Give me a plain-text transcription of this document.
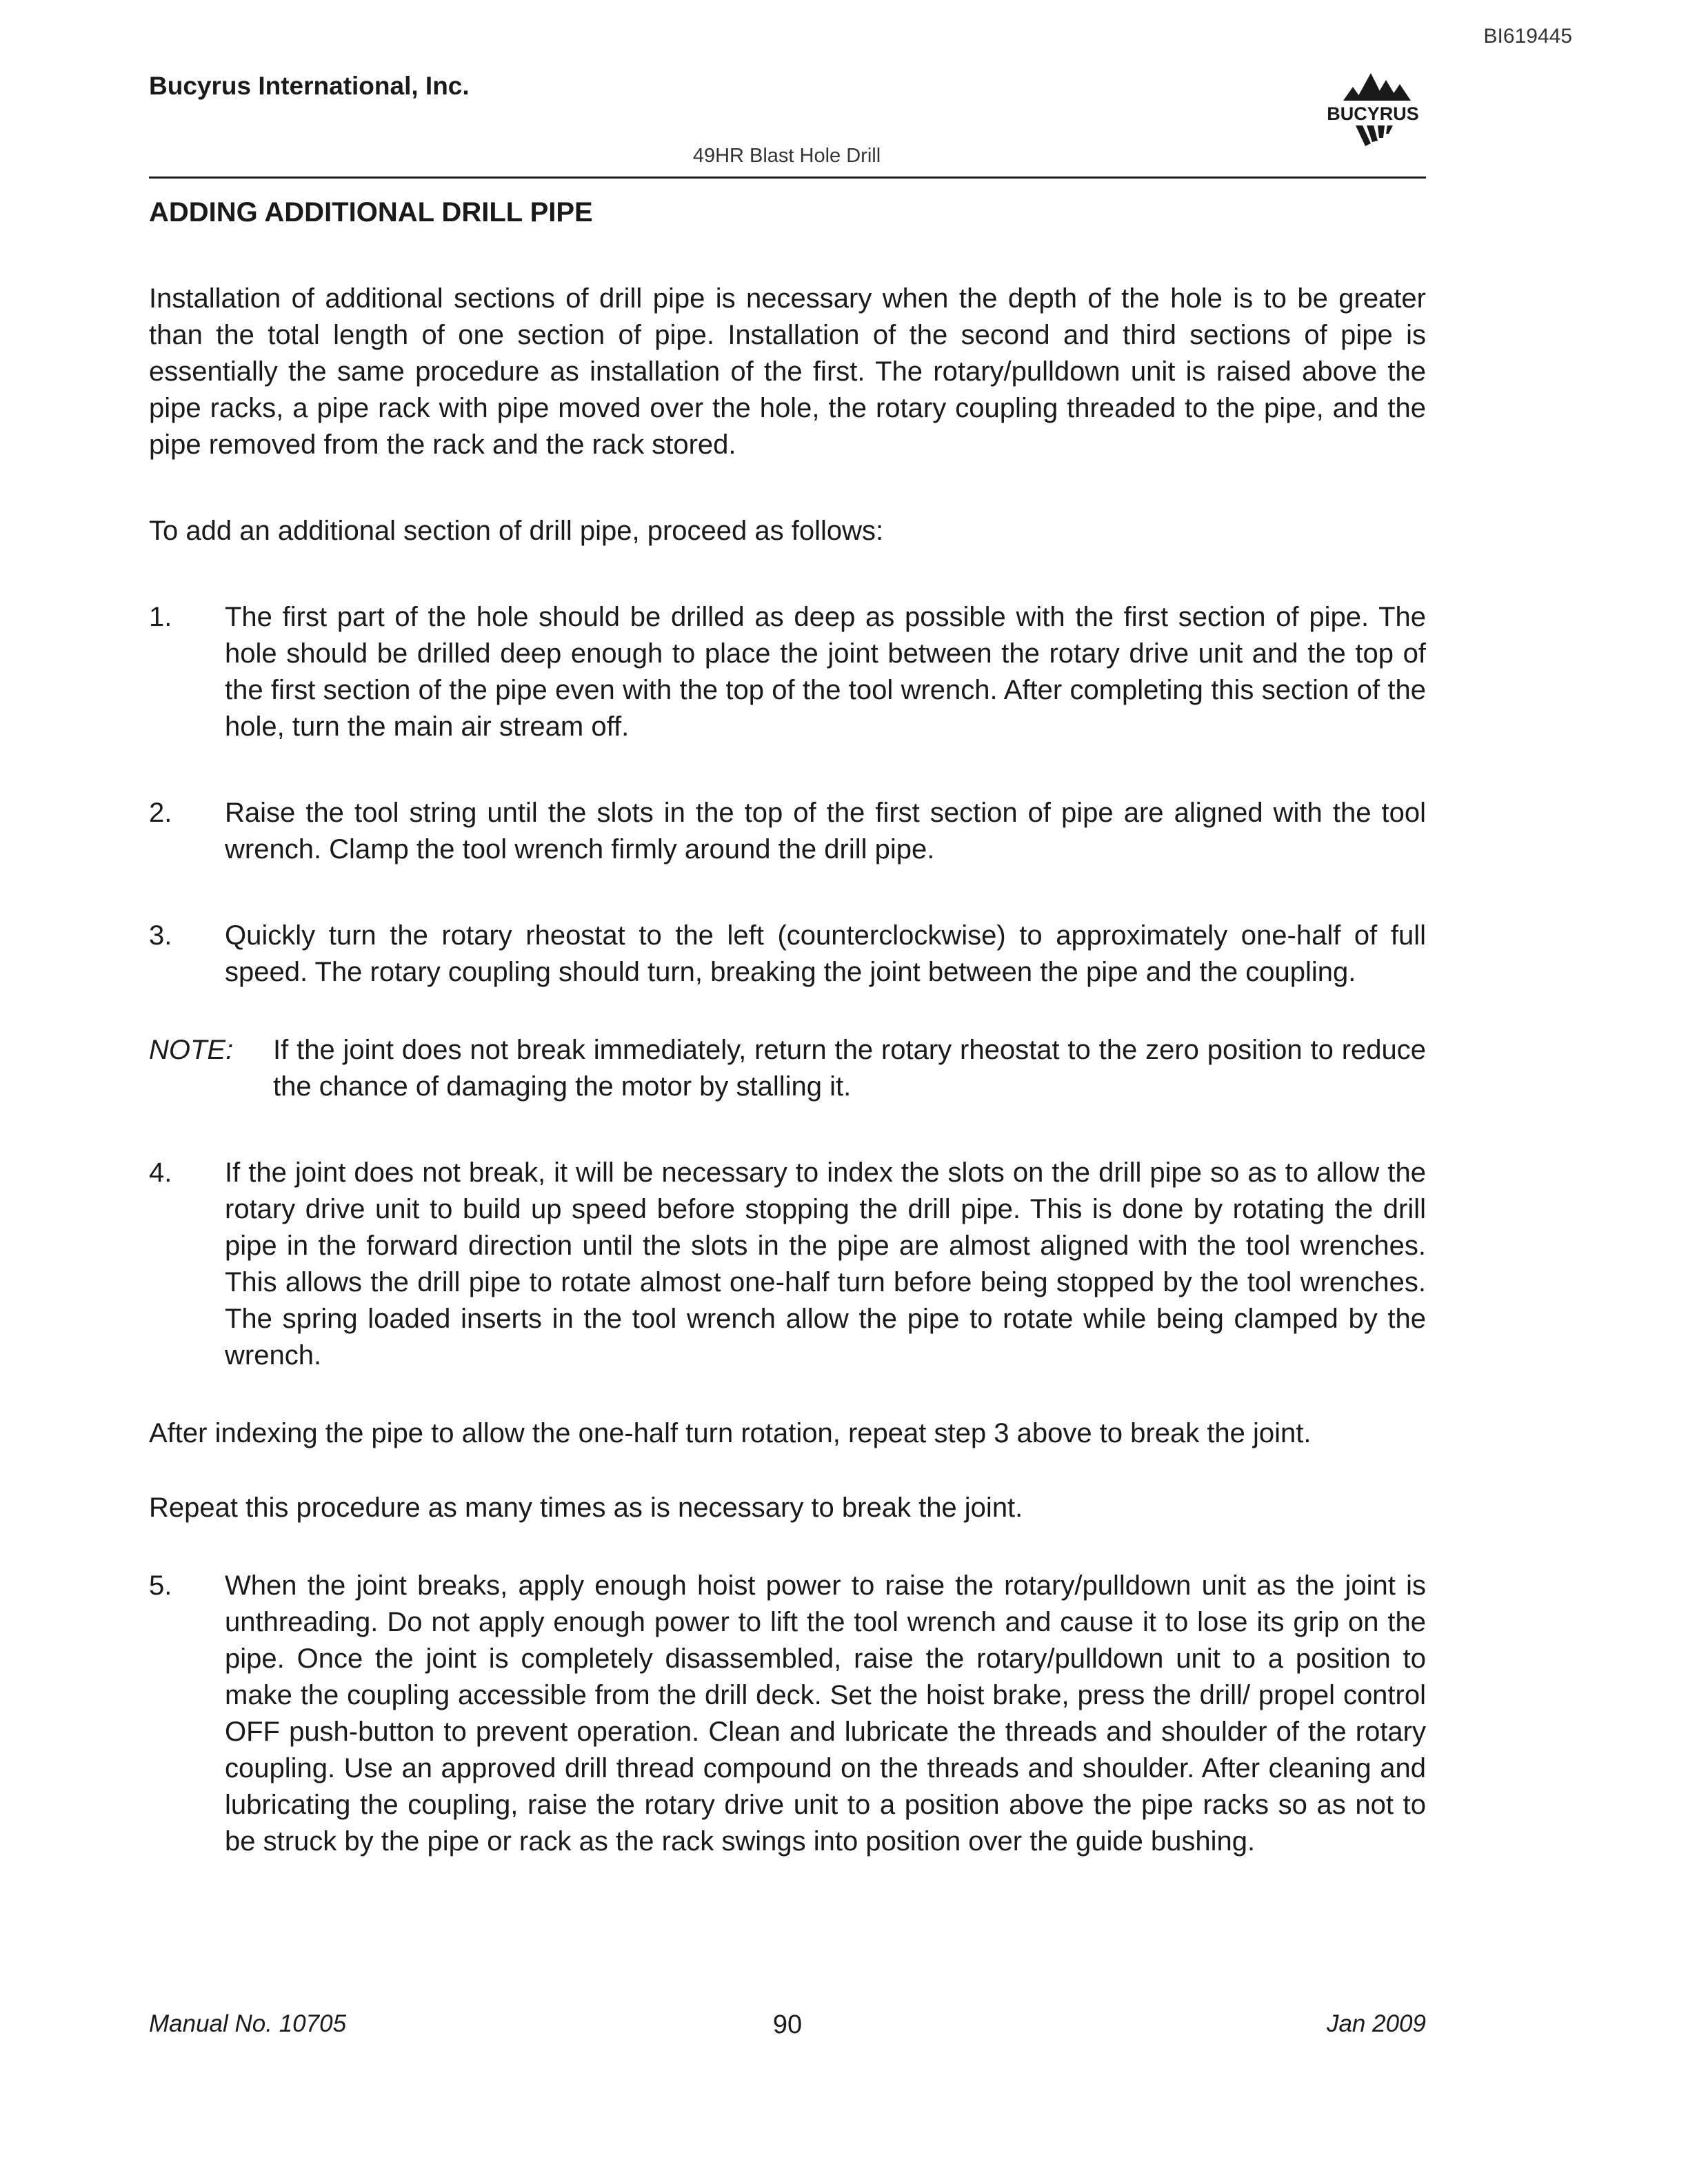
BI619445
Bucyrus International, Inc.
BUCYRUS
49HR Blast Hole Drill
ADDING ADDITIONAL DRILL PIPE

Installation of additional sections of drill pipe is necessary when the depth of the hole is to be greater than the total length of one section of pipe. Installation of the second and third sections of pipe is essentially the same procedure as installation of the first. The rotary/pulldown unit is raised above the pipe racks, a pipe rack with pipe moved over the hole, the rotary coupling threaded to the pipe, and the pipe removed from the rack and the rack stored.

To add an additional section of drill pipe, proceed as follows:

1.	The first part of the hole should be drilled as deep as possible with the first section of pipe. The hole should be drilled deep enough to place the joint between the rotary drive unit and the top of the first section of the pipe even with the top of the tool wrench. After completing this section of the hole, turn the main air stream off.
2.	Raise the tool string until the slots in the top of the first section of pipe are aligned with the tool wrench. Clamp the tool wrench firmly around the drill pipe.
3.	Quickly turn the rotary rheostat to the left (counterclockwise) to approximately one-half of full speed. The rotary coupling should turn, breaking the joint between the pipe and the coupling.
NOTE:	If the joint does not break immediately, return the rotary rheostat to the zero position to reduce the chance of damaging the motor by stalling it.
4.	If the joint does not break, it will be necessary to index the slots on the drill pipe so as to allow the rotary drive unit to build up speed before stopping the drill pipe. This is done by rotating the drill pipe in the forward direction until the slots in the pipe are almost aligned with the tool wrenches. This allows the drill pipe to rotate almost one-half turn before being stopped by the tool wrenches. The spring loaded inserts in the tool wrench allow the pipe to rotate while being clamped by the wrench.

After indexing the pipe to allow the one-half turn rotation, repeat step 3 above to break the joint.

Repeat this procedure as many times as is necessary to break the joint.

5.	When the joint breaks, apply enough hoist power to raise the rotary/pulldown unit as the joint is unthreading. Do not apply enough power to lift the tool wrench and cause it to lose its grip on the pipe. Once the joint is completely disassembled, raise the rotary/pulldown unit to a position to make the coupling accessible from the drill deck. Set the hoist brake, press the drill/ propel control OFF push-button to prevent operation. Clean and lubricate the threads and shoulder of the rotary coupling. Use an approved drill thread compound on the threads and shoulder. After cleaning and lubricating the coupling, raise the rotary drive unit to a position above the pipe racks so as not to be struck by the pipe or rack as the rack swings into position over the guide bushing.
Manual No. 10705	90	Jan 2009
